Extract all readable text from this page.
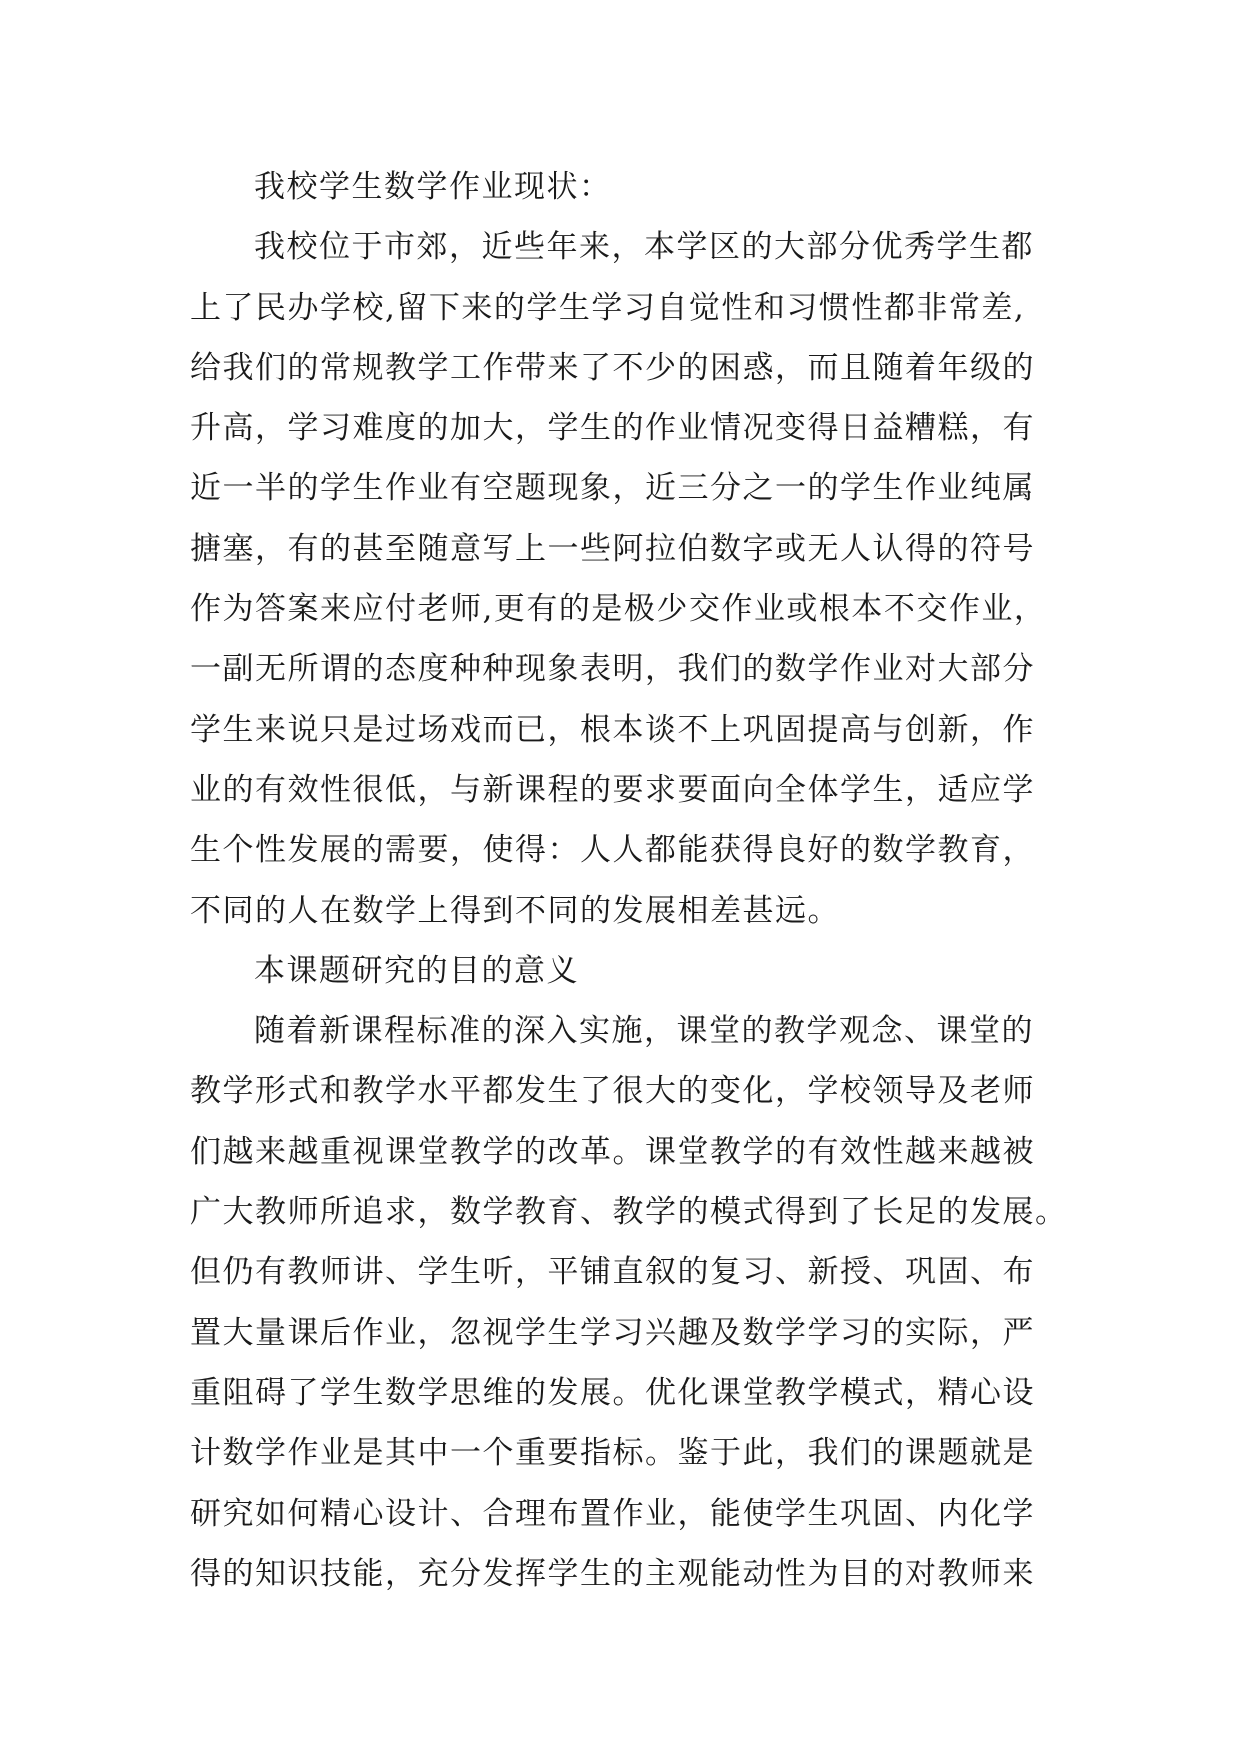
我校学生数学作业现状：

我校位于市郊，近些年来，本学区的大部分优秀学生都

上了民办学校,留下来的学生学习自觉性和习惯性都非常差,

给我们的常规教学工作带来了不少的困惑，而且随着年级的

升高，学习难度的加大，学生的作业情况变得日益糟糕，有

近一半的学生作业有空题现象，近三分之一的学生作业纯属

搪塞，有的甚至随意写上一些阿拉伯数字或无人认得的符号

作为答案来应付老师,更有的是极少交作业或根本不交作业，

一副无所谓的态度种种现象表明，我们的数学作业对大部分

学生来说只是过场戏而已，根本谈不上巩固提高与创新，作

业的有效性很低，与新课程的要求要面向全体学生，适应学

生个性发展的需要，使得：人人都能获得良好的数学教育，

不同的人在数学上得到不同的发展相差甚远。

本课题研究的目的意义

随着新课程标准的深入实施，课堂的教学观念、课堂的

教学形式和教学水平都发生了很大的变化，学校领导及老师

们越来越重视课堂教学的改革。课堂教学的有效性越来越被

广大教师所追求，数学教育、教学的模式得到了长足的发展。

但仍有教师讲、学生听，平铺直叙的复习、新授、巩固、布

置大量课后作业，忽视学生学习兴趣及数学学习的实际，严

重阻碍了学生数学思维的发展。优化课堂教学模式，精心设

计数学作业是其中一个重要指标。鉴于此，我们的课题就是

研究如何精心设计、合理布置作业，能使学生巩固、内化学

得的知识技能，充分发挥学生的主观能动性为目的对教师来
